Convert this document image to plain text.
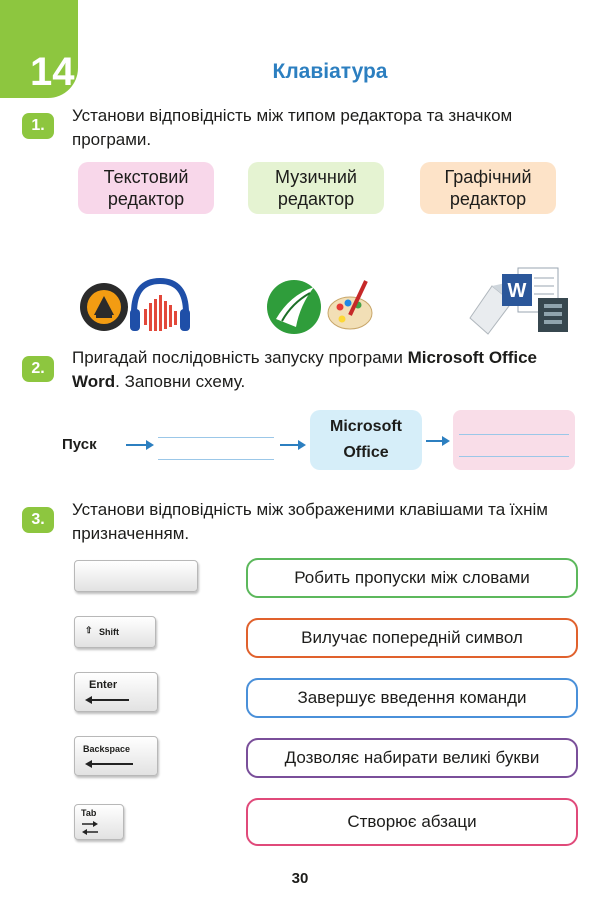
14	Клавіатура
1.
Установи відповідність між типом редактора та значком програми.
Текстовий
редактор
Музичний
редактор
Графічний
редактор
W
2.
Пригадай послідовність запуску програми Microsoft Office Word. Заповни схему.
Пуск
Microsoft
Office
3.
Установи відповідність між зображеними клавішами та їхнім призначенням.
⇧ Shift
Enter
Backspace
Tab
Робить пропуски між словами
Вилучає попередній символ
Завершує введення команди
Дозволяє набирати великі букви
Створює абзаци
30
